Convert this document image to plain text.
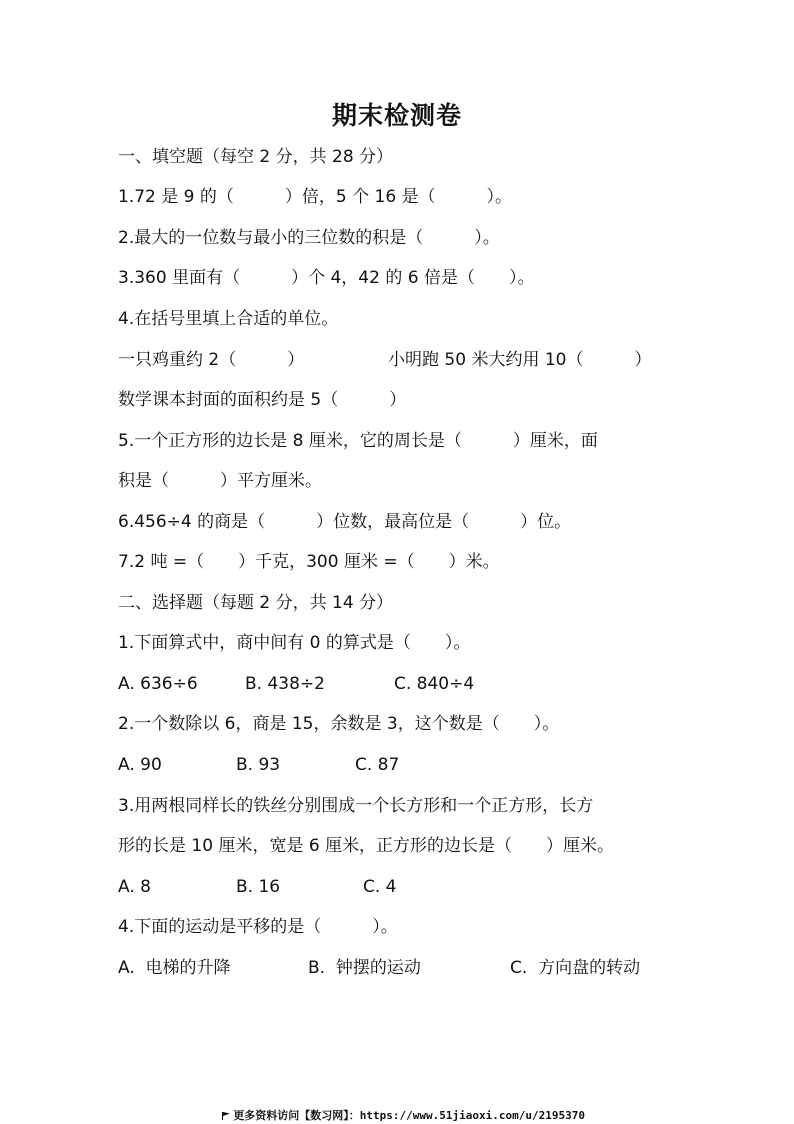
期末检测卷
一、填空题（每空 2 分，共 28 分）
1.72 是 9 的（　　　）倍，5 个 16 是（　　　）。
2.最大的一位数与最小的三位数的积是（　　　）。
3.360 里面有（　　　）个 4，42 的 6 倍是（　　）。
4.在括号里填上合适的单位。
一只鸡重约 2（　　　）	小明跑 50 米大约用 10（　　　）
数学课本封面的面积约是 5（　　　）
5.一个正方形的边长是 8 厘米，它的周长是（　　　）厘米，面
积是（　　　）平方厘米。
6.456÷4 的商是（　　　）位数，最高位是（　　　）位。
7.2 吨 =（　　）千克，300 厘米 =（　　）米。
二、选择题（每题 2 分，共 14 分）
1.下面算式中，商中间有 0 的算式是（　　）。
A. 636÷6	B. 438÷2	C. 840÷4
2.一个数除以 6，商是 15，余数是 3，这个数是（　　）。
A. 90	B. 93	C. 87
3.用两根同样长的铁丝分别围成一个长方形和一个正方形，长方
形的长是 10 厘米，宽是 6 厘米，正方形的边长是（　　）厘米。
A. 8	B. 16	C. 4
4.下面的运动是平移的是（　　　）。
A.  电梯的升降	B.  钟摆的运动	C.  方向盘的转动

更多资料访问【数习网】：https://www.51jiaoxi.com/u/2195370
